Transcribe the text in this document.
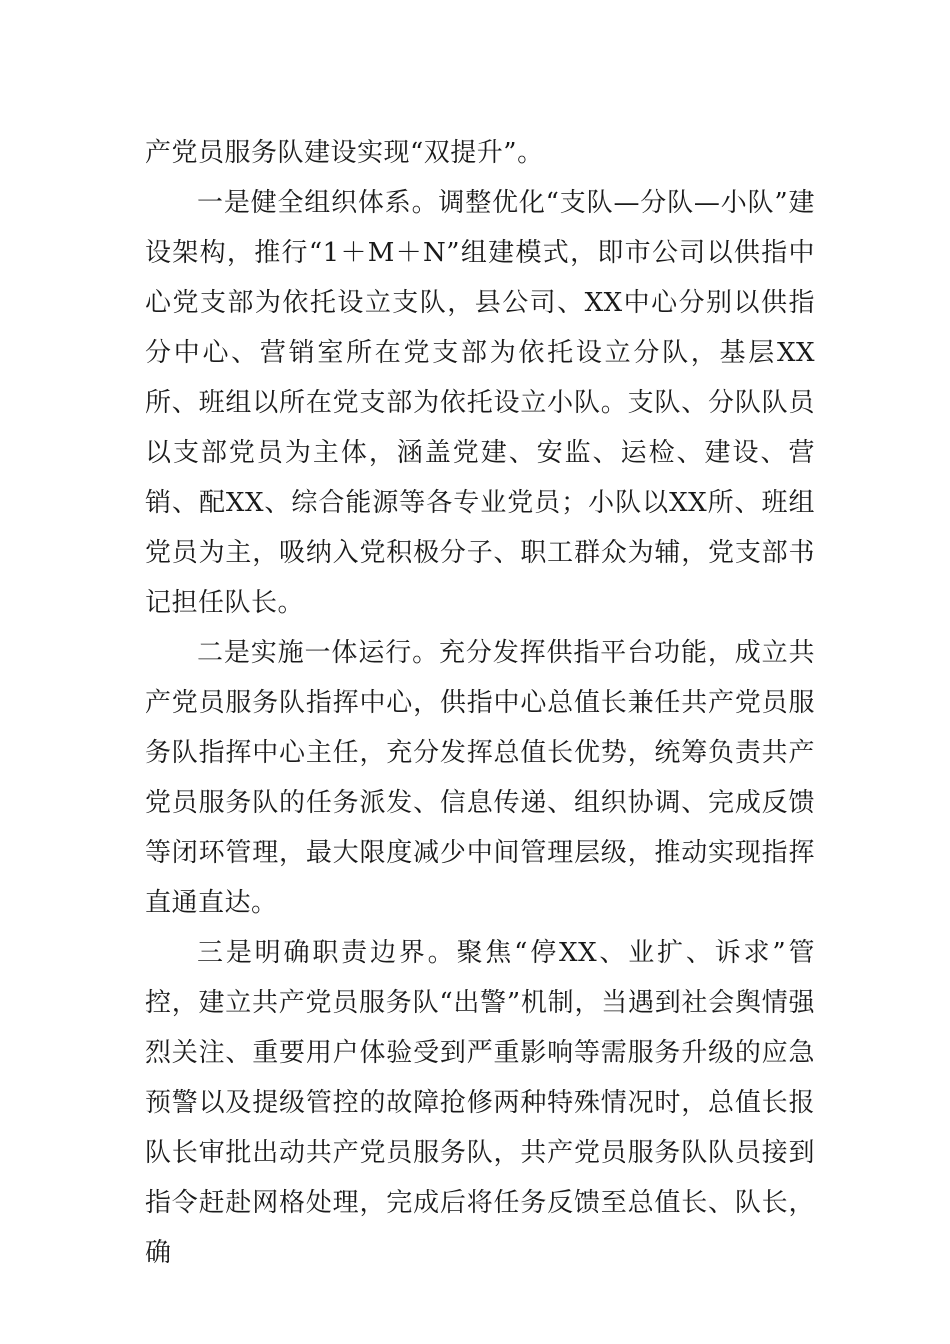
产党员服务队建设实现“双提升”。

一是健全组织体系。调整优化“支队—分队—小队”建设架构，推行“1＋M＋N”组建模式，即市公司以供指中心党支部为依托设立支队，县公司、XX中心分别以供指分中心、营销室所在党支部为依托设立分队，基层XX所、班组以所在党支部为依托设立小队。支队、分队队员以支部党员为主体，涵盖党建、安监、运检、建设、营销、配XX、综合能源等各专业党员；小队以XX所、班组党员为主，吸纳入党积极分子、职工群众为辅，党支部书记担任队长。

二是实施一体运行。充分发挥供指平台功能，成立共产党员服务队指挥中心，供指中心总值长兼任共产党员服务队指挥中心主任，充分发挥总值长优势，统筹负责共产党员服务队的任务派发、信息传递、组织协调、完成反馈等闭环管理，最大限度减少中间管理层级，推动实现指挥直通直达。

三是明确职责边界。聚焦“停XX、业扩、诉求”管控，建立共产党员服务队“出警”机制，当遇到社会舆情强烈关注、重要用户体验受到严重影响等需服务升级的应急预警以及提级管控的故障抢修两种特殊情况时，总值长报队长审批出动共产党员服务队，共产党员服务队队员接到指令赶赴网格处理，完成后将任务反馈至总值长、队长，确
